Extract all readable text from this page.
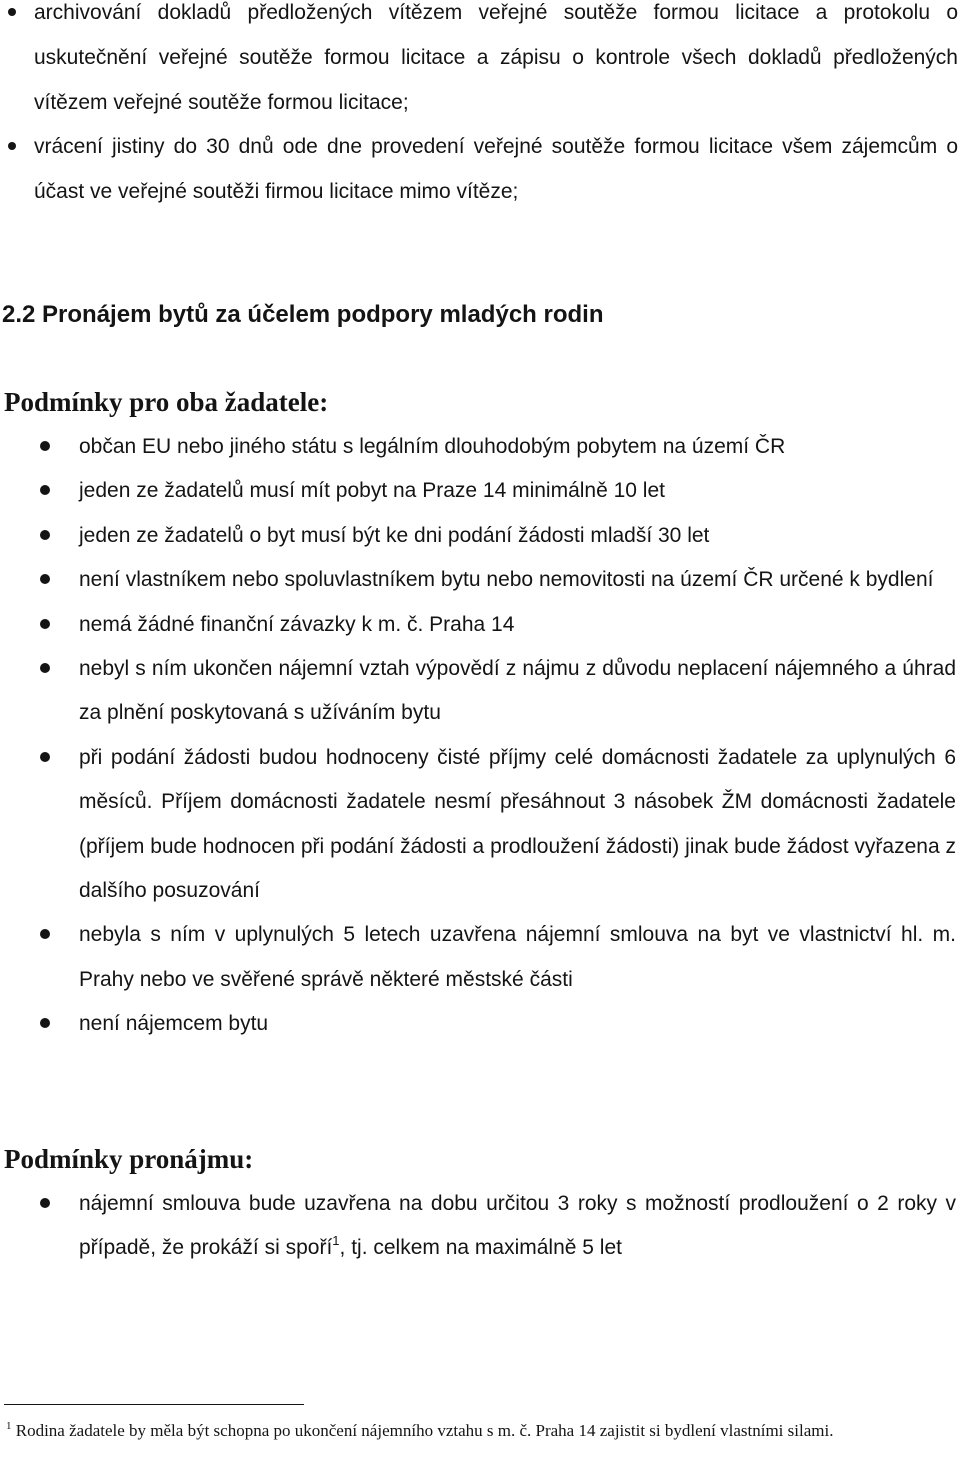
archivování dokladů předložených vítězem veřejné soutěže formou licitace a protokolu o uskutečnění veřejné soutěže formou licitace a zápisu o kontrole všech dokladů předložených vítězem veřejné soutěže formou licitace;
vrácení jistiny do 30 dnů ode dne provedení veřejné soutěže formou licitace všem zájemcům o účast ve veřejné soutěži firmou licitace mimo vítěze;
2.2 Pronájem bytů za účelem podpory mladých rodin
Podmínky pro oba žadatele:
občan EU nebo jiného státu s legálním dlouhodobým pobytem na území ČR
jeden ze žadatelů musí mít pobyt na Praze 14 minimálně 10 let
jeden ze žadatelů o byt musí být ke dni podání žádosti mladší 30 let
není vlastníkem nebo spoluvlastníkem bytu nebo nemovitosti na území ČR určené k bydlení
nemá žádné finanční závazky k m. č. Praha 14
nebyl s ním ukončen nájemní vztah výpovědí z nájmu z důvodu neplacení nájemného a úhrad za plnění poskytovaná s užíváním bytu
při podání žádosti budou hodnoceny čisté příjmy celé domácnosti žadatele za uplynulých 6 měsíců. Příjem domácnosti žadatele nesmí přesáhnout 3 násobek ŽM domácnosti žadatele (příjem bude hodnocen při podání žádosti a prodloužení žádosti) jinak bude žádost vyřazena z dalšího posuzování
nebyla s ním v uplynulých 5 letech uzavřena nájemní smlouva na byt ve vlastnictví hl. m. Prahy nebo ve svěřené správě některé městské části
není nájemcem bytu
Podmínky pronájmu:
nájemní smlouva bude uzavřena na dobu určitou 3 roky s možností prodloužení o 2 roky v případě, že prokáží si spoří$^1$, tj. celkem na maximálně 5 let
$^1$ Rodina žadatele by měla být schopna po ukončení nájemního vztahu s m. č. Praha 14 zajistit si bydlení vlastními silami.
